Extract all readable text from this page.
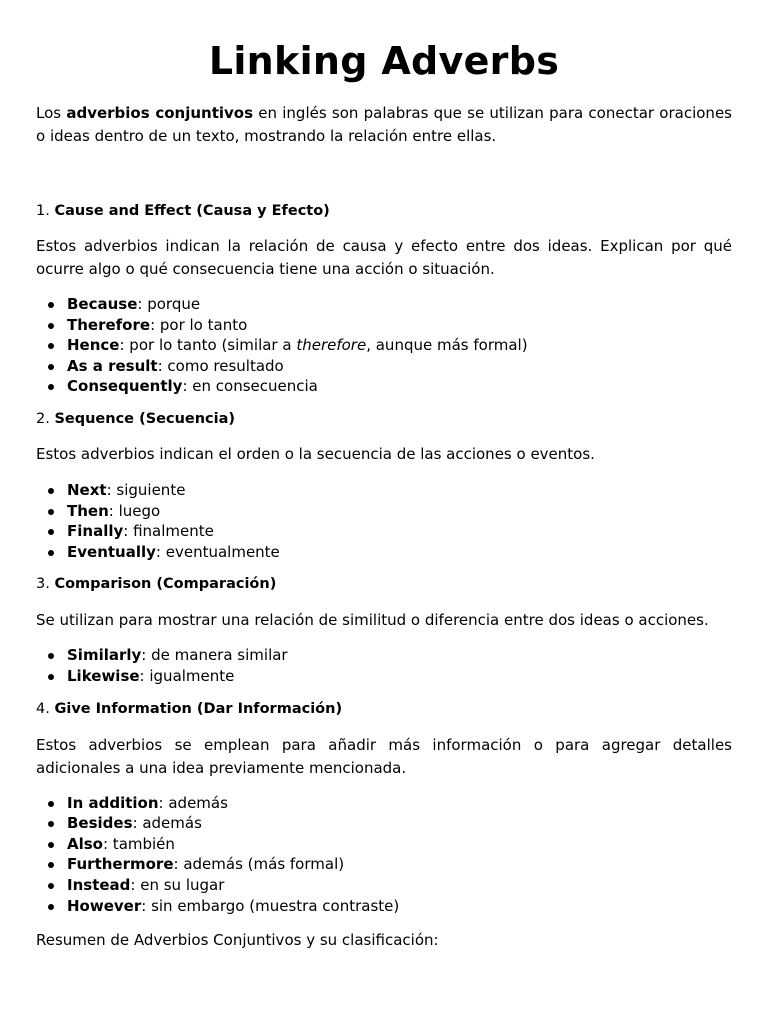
Linking Adverbs

Los adverbios conjuntivos en inglés son palabras que se utilizan para conectar oraciones o ideas dentro de un texto, mostrando la relación entre ellas.

1. Cause and Effect (Causa y Efecto)

Estos adverbios indican la relación de causa y efecto entre dos ideas. Explican por qué ocurre algo o qué consecuencia tiene una acción o situación.

Because: porque
Therefore: por lo tanto
Hence: por lo tanto (similar a therefore, aunque más formal)
As a result: como resultado
Consequently: en consecuencia

2. Sequence (Secuencia)

Estos adverbios indican el orden o la secuencia de las acciones o eventos.

Next: siguiente
Then: luego
Finally: finalmente
Eventually: eventualmente

3. Comparison (Comparación)

Se utilizan para mostrar una relación de similitud o diferencia entre dos ideas o acciones.

Similarly: de manera similar
Likewise: igualmente

4. Give Information (Dar Información)

Estos adverbios se emplean para añadir más información o para agregar detalles adicionales a una idea previamente mencionada.

In addition: además
Besides: además
Also: también
Furthermore: además (más formal)
Instead: en su lugar
However: sin embargo (muestra contraste)

Resumen de Adverbios Conjuntivos y su clasificación:
